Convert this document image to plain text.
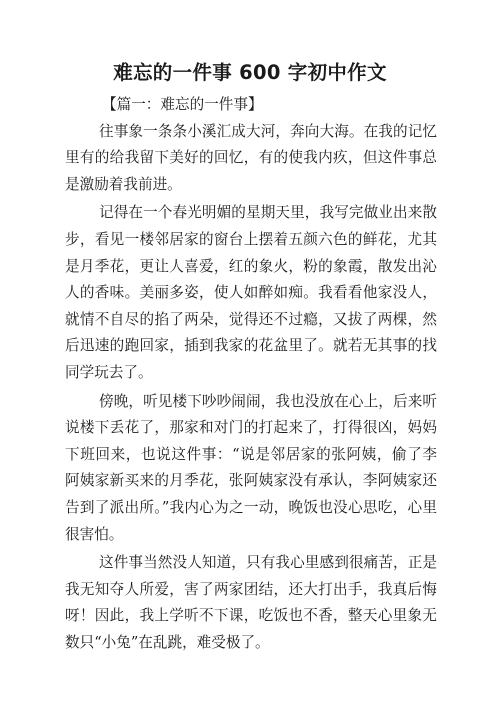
难忘的一件事 600 字初中作文

【篇一：难忘的一件事】

往事象一条条小溪汇成大河，奔向大海。在我的记忆里有的给我留下美好的回忆，有的使我内疚，但这件事总是激励着我前进。

记得在一个春光明媚的星期天里，我写完做业出来散步，看见一楼邻居家的窗台上摆着五颜六色的鲜花，尤其是月季花，更让人喜爱，红的象火，粉的象霞，散发出沁人的香味。美丽多姿，使人如醉如痴。我看看他家没人，就情不自尽的掐了两朵，觉得还不过瘾，又拔了两棵，然后迅速的跑回家，插到我家的花盆里了。就若无其事的找同学玩去了。

傍晚，听见楼下吵吵闹闹，我也没放在心上，后来听说楼下丢花了，那家和对门的打起来了，打得很凶，妈妈下班回来，也说这件事：“说是邻居家的张阿姨，偷了李阿姨家新买来的月季花，张阿姨家没有承认，李阿姨家还告到了派出所。”我内心为之一动，晚饭也没心思吃，心里很害怕。

这件事当然没人知道，只有我心里感到很痛苦，正是我无知夺人所爱，害了两家团结，还大打出手，我真后悔呀！因此，我上学听不下课，吃饭也不香，整天心里象无数只“小兔”在乱跳，难受极了。
